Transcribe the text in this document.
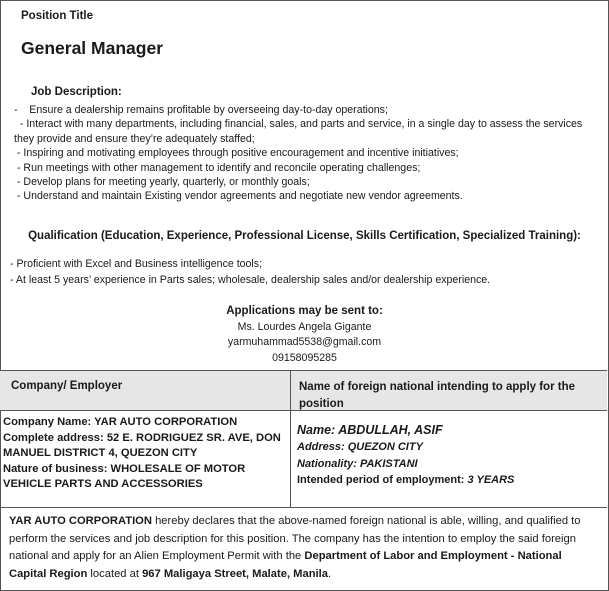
Position Title
General Manager
Job Description:
-    Ensure a dealership remains profitable by overseeing day-to-day operations;
- Interact with many departments, including financial, sales, and parts and service, in a single day to assess the services they provide and ensure they’re adequately staffed;
- Inspiring and motivating employees through positive encouragement and incentive initiatives;
- Run meetings with other management to identify and reconcile operating challenges;
- Develop plans for meeting yearly, quarterly, or monthly goals;
- Understand and maintain Existing vendor agreements and negotiate new vendor agreements.
Qualification (Education, Experience, Professional License, Skills Certification, Specialized Training):
- Proficient with Excel and Business intelligence tools;
- At least 5 years’ experience in Parts sales; wholesale, dealership sales and/or dealership experience.
Applications may be sent to:
Ms. Lourdes Angela Gigante
yarmuhammad5538@gmail.com
09158095285
Company/ Employer	Name of foreign national intending to apply for the position
Company Name: YAR AUTO CORPORATION
Complete address: 52 E. RODRIGUEZ SR. AVE, DON MANUEL DISTRICT 4, QUEZON CITY
Nature of business: WHOLESALE OF MOTOR VEHICLE PARTS AND ACCESSORIES
Name: ABDULLAH, ASIF
Address: QUEZON CITY
Nationality: PAKISTANI
Intended period of employment: 3 YEARS
YAR AUTO CORPORATION hereby declares that the above-named foreign national is able, willing, and qualified to perform the services and job description for this position. The company has the intention to employ the said foreign national and apply for an Alien Employment Permit with the Department of Labor and Employment - National Capital Region located at 967 Maligaya Street, Malate, Manila.
